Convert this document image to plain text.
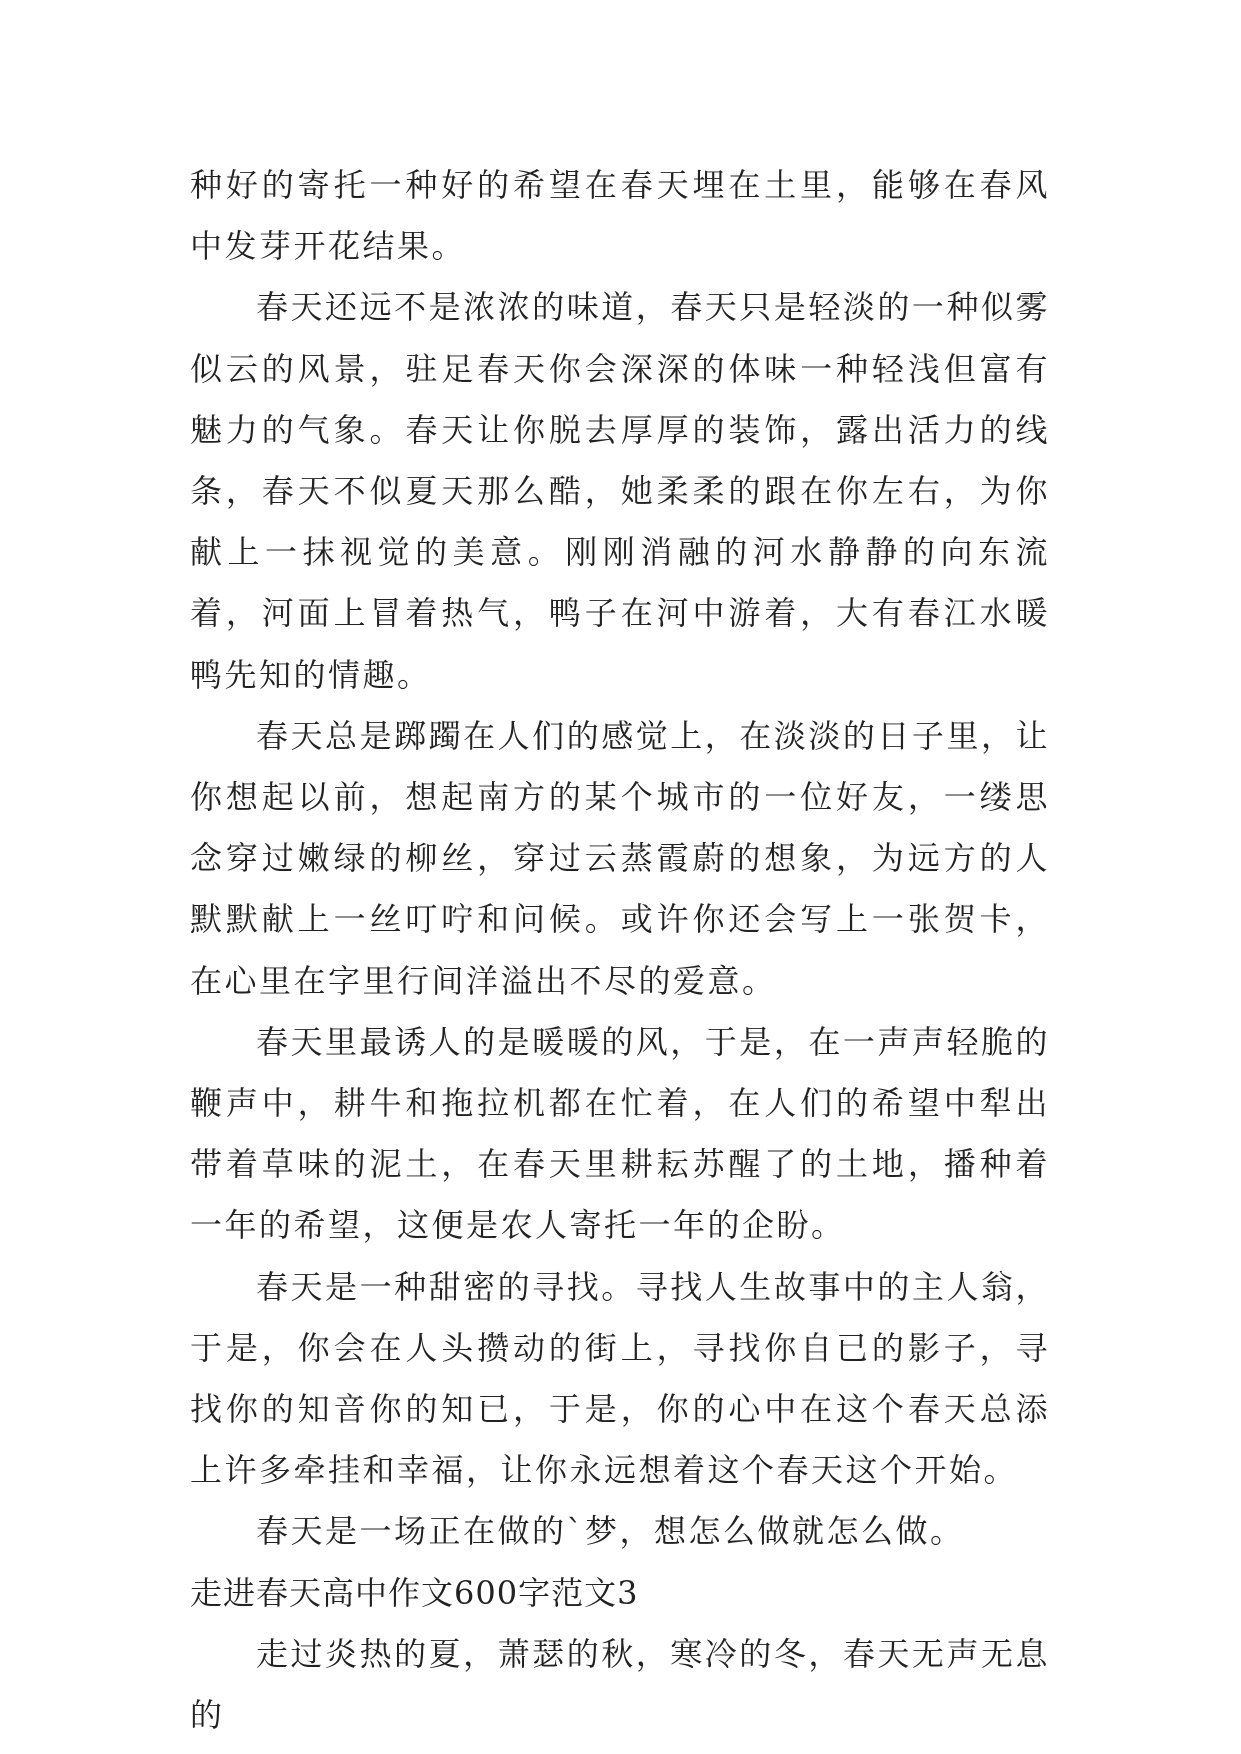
种好的寄托一种好的希望在春天埋在土里，能够在春风中发芽开花结果。

春天还远不是浓浓的味道，春天只是轻淡的一种似雾似云的风景，驻足春天你会深深的体味一种轻浅但富有魅力的气象。春天让你脱去厚厚的装饰，露出活力的线条，春天不似夏天那么酷，她柔柔的跟在你左右，为你献上一抹视觉的美意。刚刚消融的河水静静的向东流着，河面上冒着热气，鸭子在河中游着，大有春江水暖鸭先知的情趣。

春天总是踯躅在人们的感觉上，在淡淡的日子里，让你想起以前，想起南方的某个城市的一位好友，一缕思念穿过嫩绿的柳丝，穿过云蒸霞蔚的想象，为远方的人默默献上一丝叮咛和问候。或许你还会写上一张贺卡，在心里在字里行间洋溢出不尽的爱意。

春天里最诱人的是暖暖的风，于是，在一声声轻脆的鞭声中，耕牛和拖拉机都在忙着，在人们的希望中犁出带着草味的泥土，在春天里耕耘苏醒了的土地，播种着一年的希望，这便是农人寄托一年的企盼。

春天是一种甜密的寻找。寻找人生故事中的主人翁，于是，你会在人头攒动的街上，寻找你自已的影子，寻找你的知音你的知已，于是，你的心中在这个春天总添上许多牵挂和幸福，让你永远想着这个春天这个开始。

春天是一场正在做的`梦，想怎么做就怎么做。

走进春天高中作文600字范文3

走过炎热的夏，萧瑟的秋，寒冷的冬，春天无声无息的
